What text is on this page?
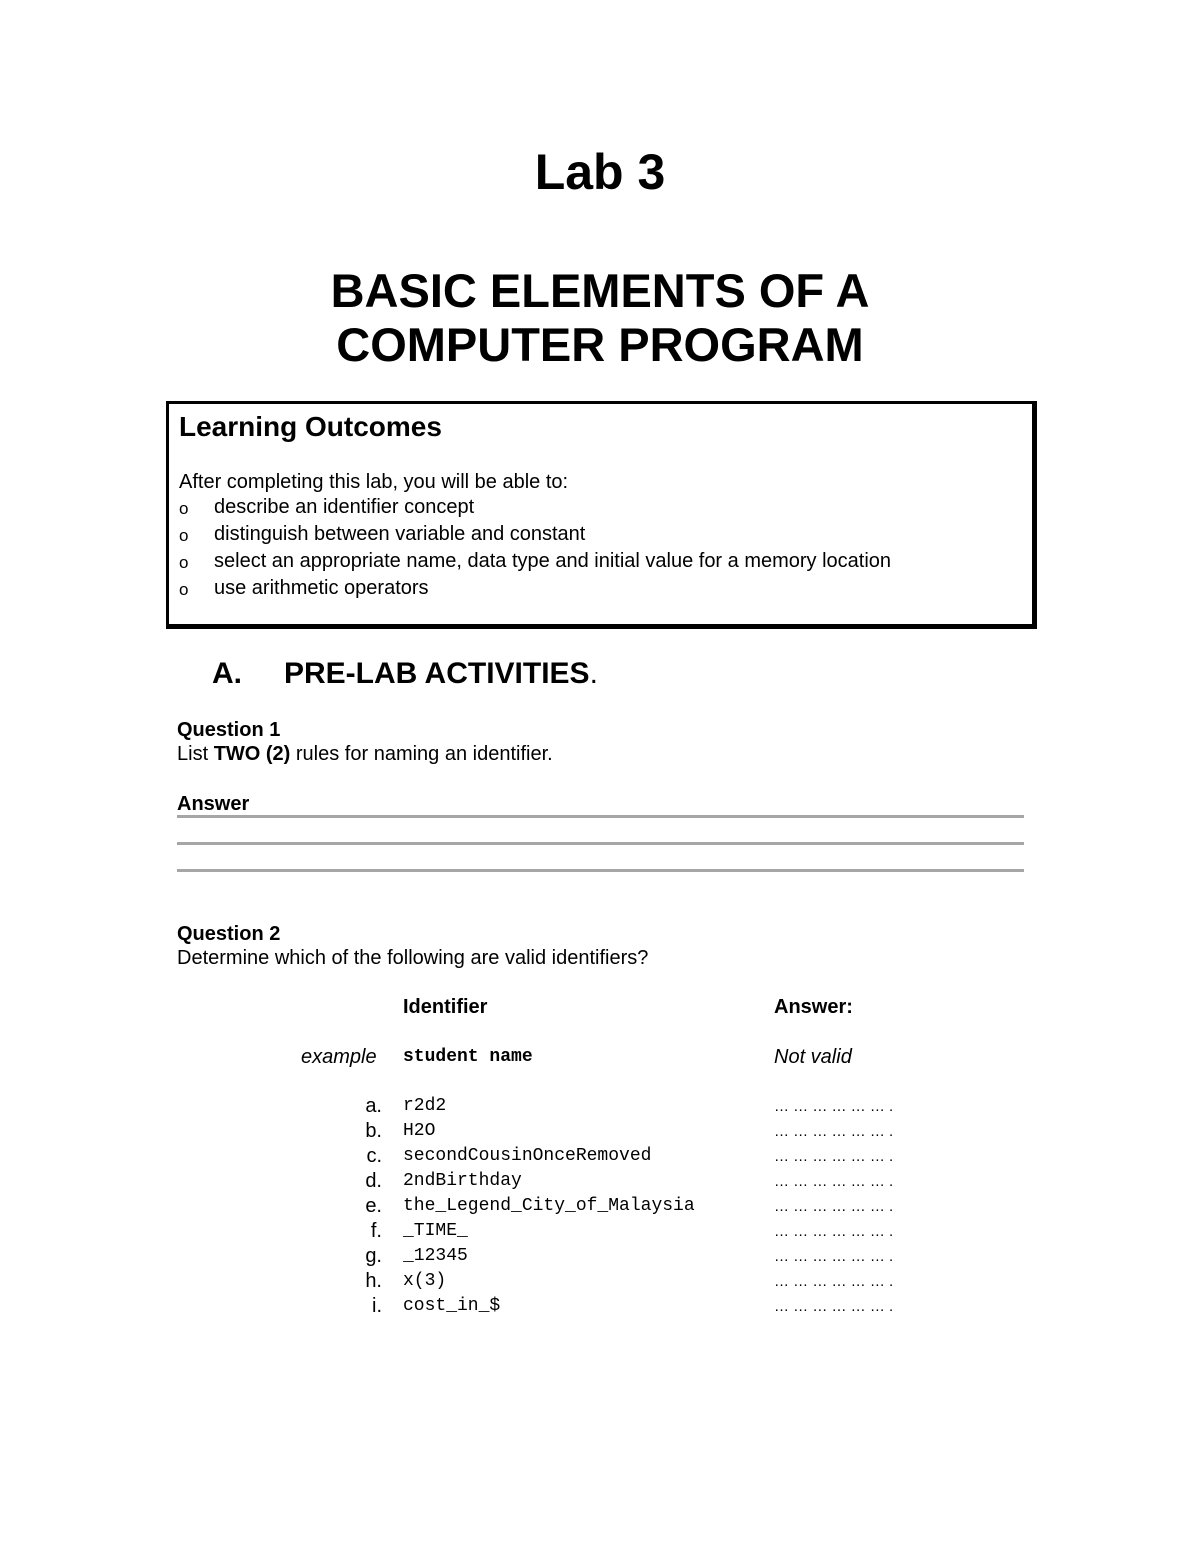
Lab 3
BASIC ELEMENTS OF A
COMPUTER PROGRAM
Learning Outcomes
After completing this lab, you will be able to:
o describe an identifier concept
o distinguish between variable and constant
o select an appropriate name, data type and initial value for a memory location
o use arithmetic operators
A. PRE-LAB ACTIVITIES.
Question 1
List TWO (2) rules for naming an identifier.
Answer
Question 2
Determine which of the following are valid identifiers?
Identifier	Answer:
example student name	Not valid
a. r2d2	… … … … … … .
b. H2O	… … … … … … .
c. secondCousinOnceRemoved	… … … … … … .
d. 2ndBirthday	… … … … … … .
e. the_Legend_City_of_Malaysia	… … … … … … .
f. _TIME_	… … … … … … .
g. _12345	… … … … … … .
h. x(3)	… … … … … … .
i. cost_in_$	… … … … … … .
